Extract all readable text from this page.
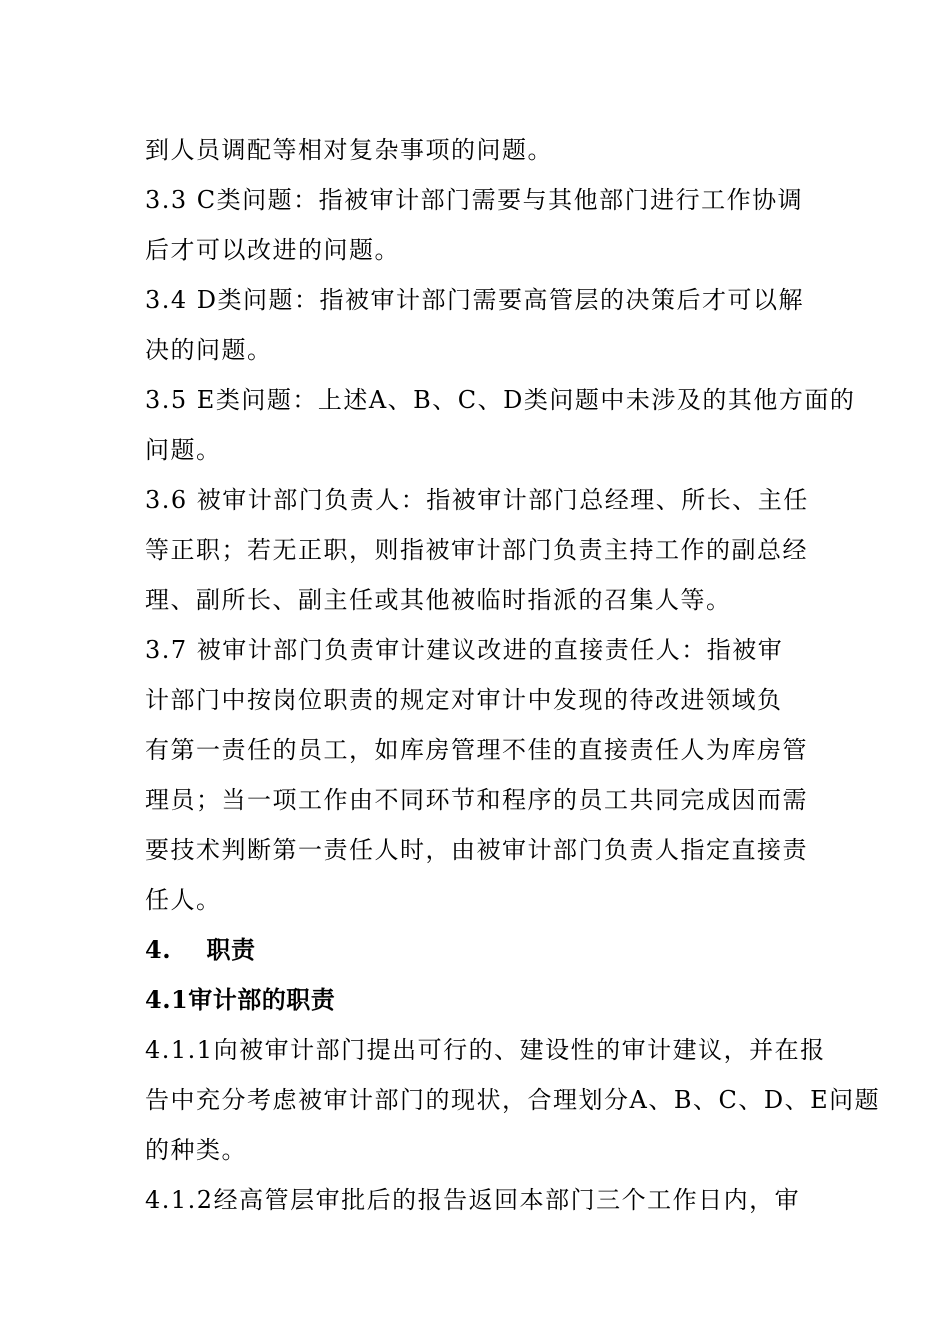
到人员调配等相对复杂事项的问题。
3.3 C类问题：指被审计部门需要与其他部门进行工作协调
后才可以改进的问题。
3.4 D类问题：指被审计部门需要高管层的决策后才可以解
决的问题。
3.5 E类问题：上述A、B、C、D类问题中未涉及的其他方面的
问题。
3.6 被审计部门负责人：指被审计部门总经理、所长、主任
等正职；若无正职，则指被审计部门负责主持工作的副总经
理、副所长、副主任或其他被临时指派的召集人等。
3.7 被审计部门负责审计建议改进的直接责任人：指被审
计部门中按岗位职责的规定对审计中发现的待改进领域负
有第一责任的员工，如库房管理不佳的直接责任人为库房管
理员；当一项工作由不同环节和程序的员工共同完成因而需
要技术判断第一责任人时，由被审计部门负责人指定直接责
任人。
4.    职责
4.1审计部的职责
4.1.1向被审计部门提出可行的、建设性的审计建议，并在报
告中充分考虑被审计部门的现状，合理划分A、B、C、D、E问题
的种类。
4.1.2经高管层审批后的报告返回本部门三个工作日内，审
